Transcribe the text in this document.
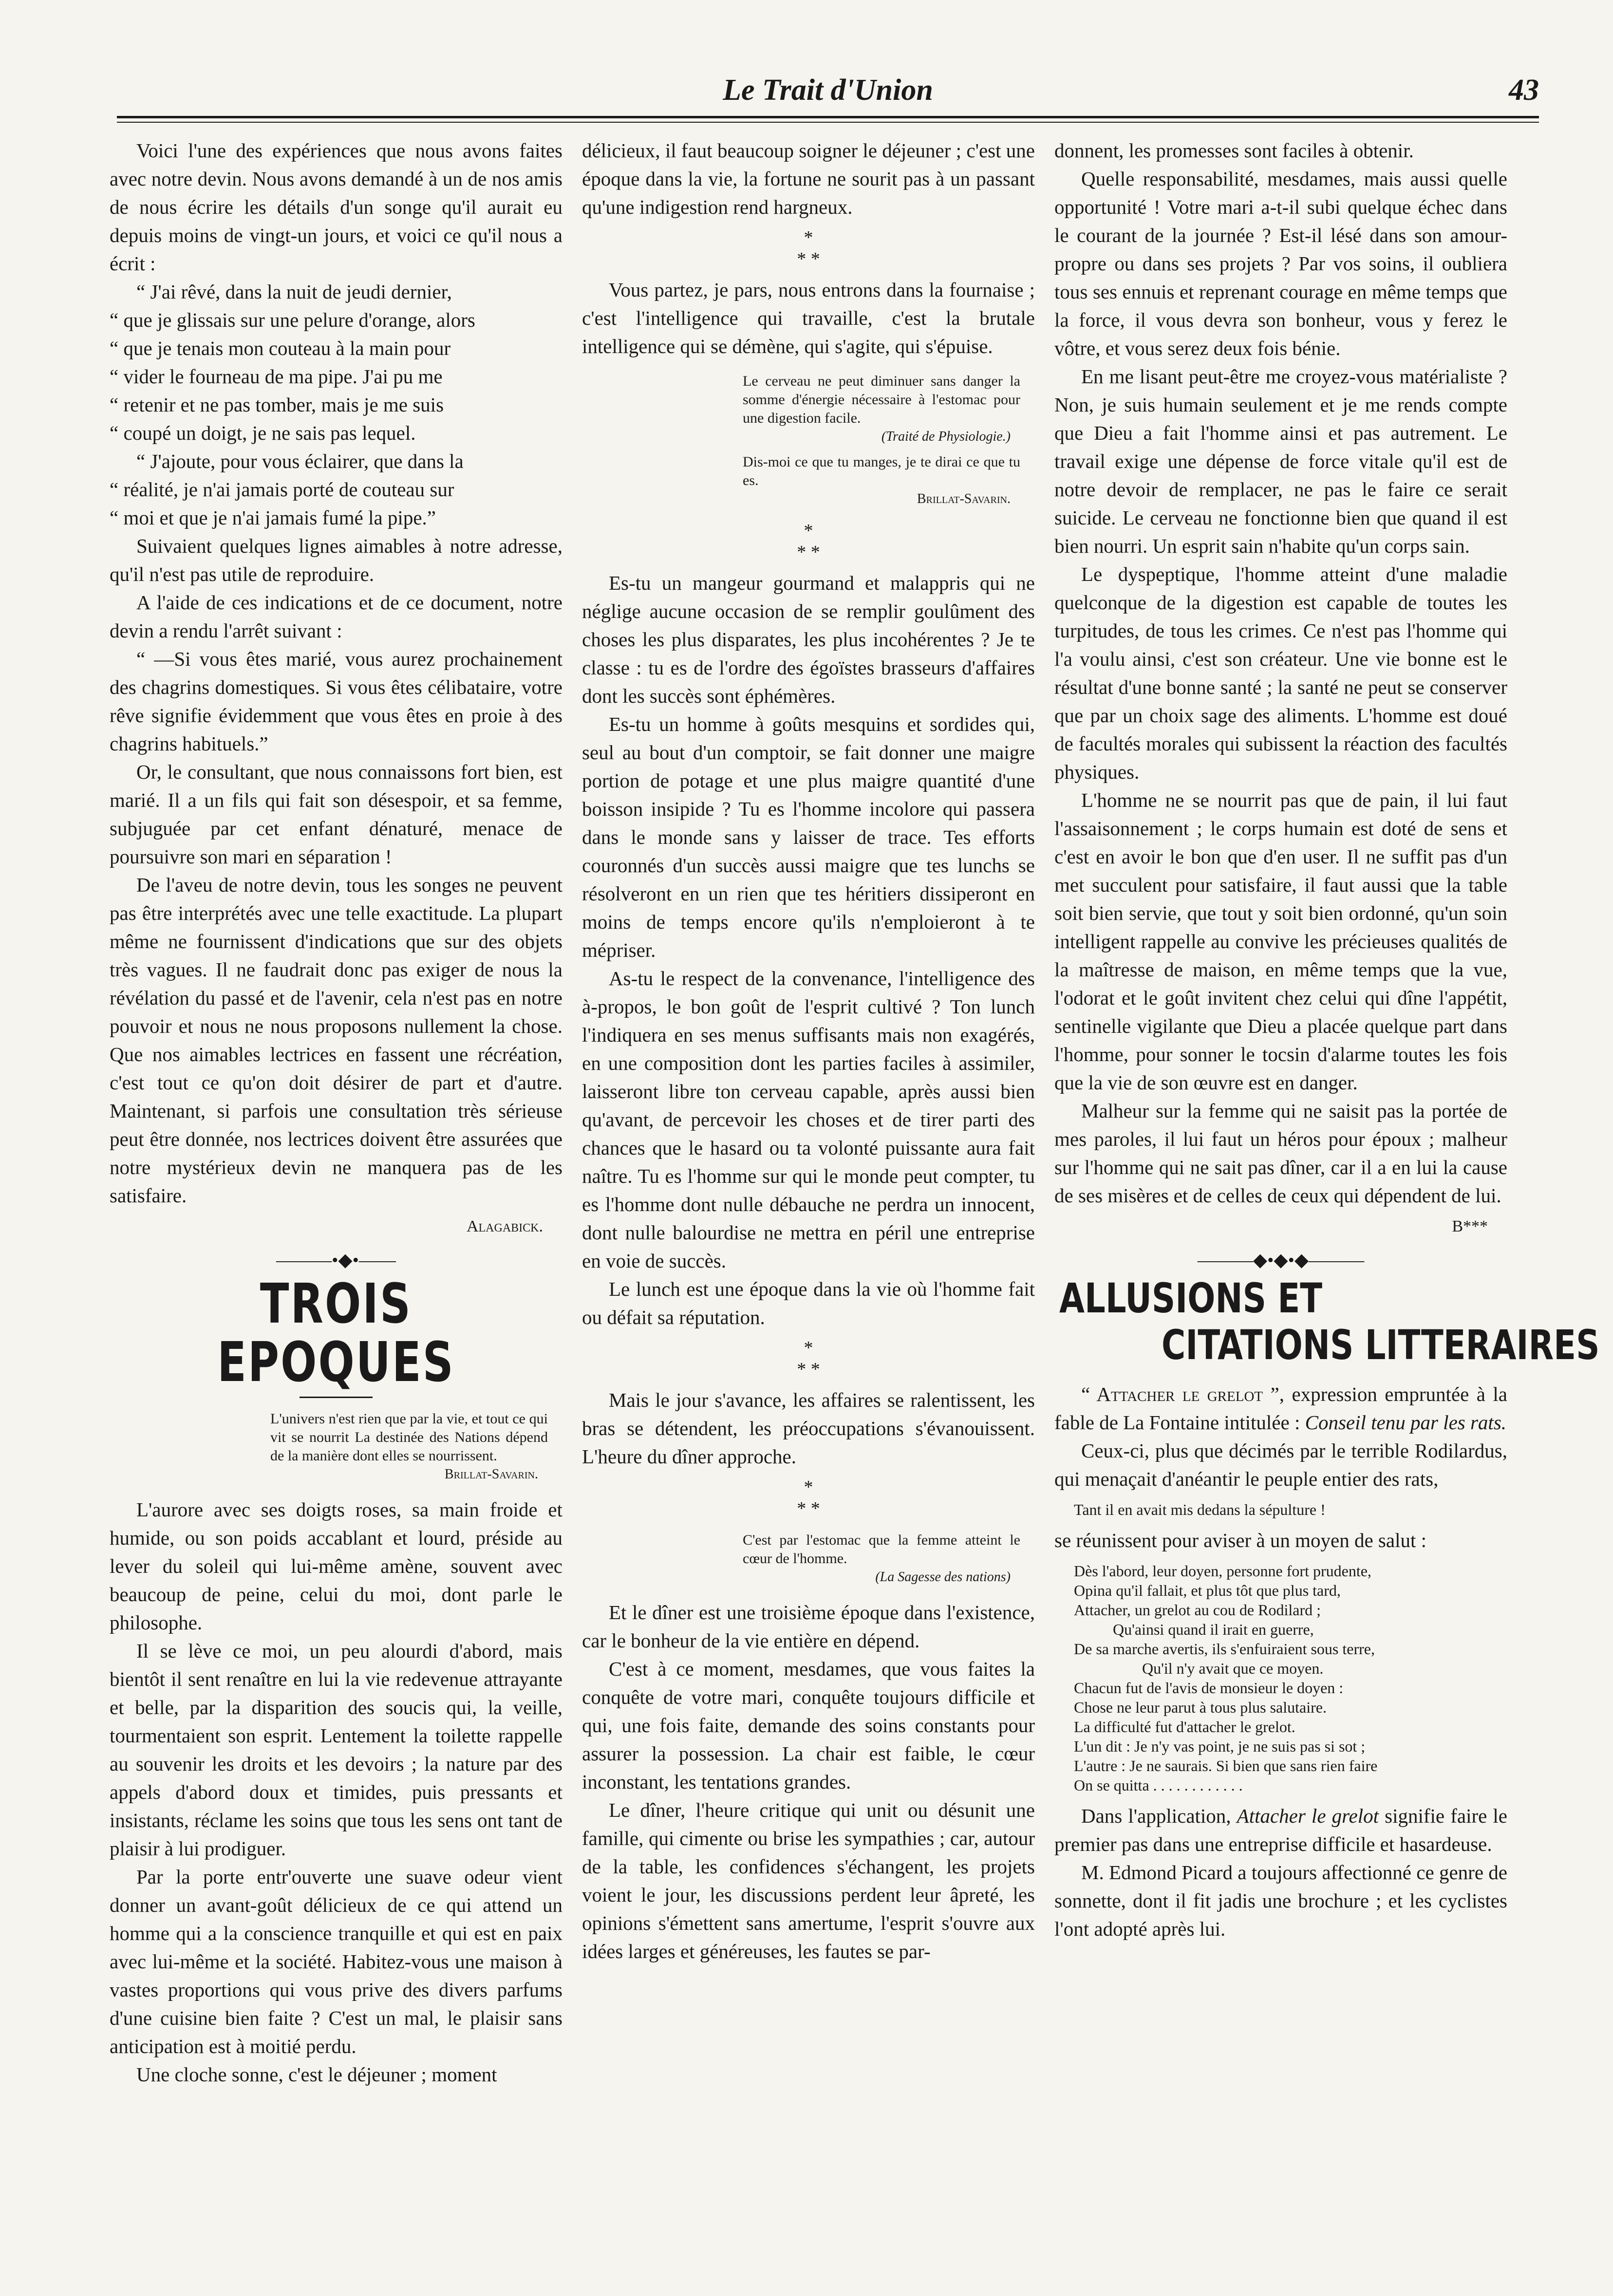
Le Trait d'Union	43

Voici l'une des expériences que nous avons faites avec notre devin. Nous avons demandé à un de nos amis de nous écrire les détails d'un songe qu'il aurait eu depuis moins de vingt-un jours, et voici ce qu'il nous a écrit :

“ J'ai rêvé, dans la nuit de jeudi dernier,
“ que je glissais sur une pelure d'orange, alors
“ que je tenais mon couteau à la main pour
“ vider le fourneau de ma pipe. J'ai pu me
“ retenir et ne pas tomber, mais je me suis
“ coupé un doigt, je ne sais pas lequel.
“ J'ajoute, pour vous éclairer, que dans la
“ réalité, je n'ai jamais porté de couteau sur
“ moi et que je n'ai jamais fumé la pipe.”

Suivaient quelques lignes aimables à notre adresse, qu'il n'est pas utile de reproduire.

A l'aide de ces indications et de ce document, notre devin a rendu l'arrêt suivant :

“ —Si vous êtes marié, vous aurez prochainement des chagrins domestiques. Si vous êtes célibataire, votre rêve signifie évidemment que vous êtes en proie à des chagrins habituels.”

Or, le consultant, que nous connaissons fort bien, est marié. Il a un fils qui fait son désespoir, et sa femme, subjuguée par cet enfant dénaturé, menace de poursuivre son mari en séparation !

De l'aveu de notre devin, tous les songes ne peuvent pas être interprétés avec une telle exactitude. La plupart même ne fournissent d'indications que sur des objets très vagues. Il ne faudrait donc pas exiger de nous la révélation du passé et de l'avenir, cela n'est pas en notre pouvoir et nous ne nous proposons nullement la chose. Que nos aimables lectrices en fassent une récréation, c'est tout ce qu'on doit désirer de part et d'autre. Maintenant, si parfois une consultation très sérieuse peut être donnée, nos lectrices doivent être assurées que notre mystérieux devin ne manquera pas de les satisfaire.

Alagabick.
———•◆•——
TROIS EPOQUES
L'univers n'est rien que par la vie, et tout ce qui vit se nourrit La destinée des Nations dépend de la manière dont elles se nourrissent.
Brillat-Savarin.

L'aurore avec ses doigts roses, sa main froide et humide, ou son poids accablant et lourd, préside au lever du soleil qui lui-même amène, souvent avec beaucoup de peine, celui du moi, dont parle le philosophe.

Il se lève ce moi, un peu alourdi d'abord, mais bientôt il sent renaître en lui la vie redevenue attrayante et belle, par la disparition des soucis qui, la veille, tourmentaient son esprit. Lentement la toilette rappelle au souvenir les droits et les devoirs ; la nature par des appels d'abord doux et timides, puis pressants et insistants, réclame les soins que tous les sens ont tant de plaisir à lui prodiguer.

Par la porte entr'ouverte une suave odeur vient donner un avant-goût délicieux de ce qui attend un homme qui a la conscience tranquille et qui est en paix avec lui-même et la société. Habitez-vous une maison à vastes proportions qui vous prive des divers parfums d'une cuisine bien faite ? C'est un mal, le plaisir sans anticipation est à moitié perdu.

Une cloche sonne, c'est le déjeuner ; moment

délicieux, il faut beaucoup soigner le déjeuner ; c'est une époque dans la vie, la fortune ne sourit pas à un passant qu'une indigestion rend hargneux.

*
* *

Vous partez, je pars, nous entrons dans la fournaise ; c'est l'intelligence qui travaille, c'est la brutale intelligence qui se démène, qui s'agite, qui s'épuise.

Le cerveau ne peut diminuer sans danger la somme d'énergie nécessaire à l'estomac pour une digestion facile.
(Traité de Physiologie.)
Dis-moi ce que tu manges, je te dirai ce que tu es.
Brillat-Savarin.
*
* *

Es-tu un mangeur gourmand et malappris qui ne néglige aucune occasion de se remplir goulûment des choses les plus disparates, les plus incohérentes ? Je te classe : tu es de l'ordre des égoïstes brasseurs d'affaires dont les succès sont éphémères.

Es-tu un homme à goûts mesquins et sordides qui, seul au bout d'un comptoir, se fait donner une maigre portion de potage et une plus maigre quantité d'une boisson insipide ? Tu es l'homme incolore qui passera dans le monde sans y laisser de trace. Tes efforts couronnés d'un succès aussi maigre que tes lunchs se résolveront en un rien que tes héritiers dissiperont en moins de temps encore qu'ils n'emploieront à te mépriser.

As-tu le respect de la convenance, l'intelligence des à-propos, le bon goût de l'esprit cultivé ? Ton lunch l'indiquera en ses menus suffisants mais non exagérés, en une composition dont les parties faciles à assimiler, laisseront libre ton cerveau capable, après aussi bien qu'avant, de percevoir les choses et de tirer parti des chances que le hasard ou ta volonté puissante aura fait naître. Tu es l'homme sur qui le monde peut compter, tu es l'homme dont nulle débauche ne perdra un innocent, dont nulle balourdise ne mettra en péril une entreprise en voie de succès.

Le lunch est une époque dans la vie où l'homme fait ou défait sa réputation.

*
* *

Mais le jour s'avance, les affaires se ralentissent, les bras se détendent, les préoccupations s'évanouissent. L'heure du dîner approche.

*
* *
C'est par l'estomac que la femme atteint le cœur de l'homme.
(La Sagesse des nations)

Et le dîner est une troisième époque dans l'existence, car le bonheur de la vie entière en dépend.

C'est à ce moment, mesdames, que vous faites la conquête de votre mari, conquête toujours difficile et qui, une fois faite, demande des soins constants pour assurer la possession. La chair est faible, le cœur inconstant, les tentations grandes.

Le dîner, l'heure critique qui unit ou désunit une famille, qui cimente ou brise les sympathies ; car, autour de la table, les confidences s'échangent, les projets voient le jour, les discussions perdent leur âpreté, les opinions s'émettent sans amertume, l'esprit s'ouvre aux idées larges et généreuses, les fautes se par-

donnent, les promesses sont faciles à obtenir.

Quelle responsabilité, mesdames, mais aussi quelle opportunité ! Votre mari a-t-il subi quelque échec dans le courant de la journée ? Est-il lésé dans son amour-propre ou dans ses projets ? Par vos soins, il oubliera tous ses ennuis et reprenant courage en même temps que la force, il vous devra son bonheur, vous y ferez le vôtre, et vous serez deux fois bénie.

En me lisant peut-être me croyez-vous matérialiste ? Non, je suis humain seulement et je me rends compte que Dieu a fait l'homme ainsi et pas autrement. Le travail exige une dépense de force vitale qu'il est de notre devoir de remplacer, ne pas le faire ce serait suicide. Le cerveau ne fonctionne bien que quand il est bien nourri. Un esprit sain n'habite qu'un corps sain.

Le dyspeptique, l'homme atteint d'une maladie quelconque de la digestion est capable de toutes les turpitudes, de tous les crimes. Ce n'est pas l'homme qui l'a voulu ainsi, c'est son créateur. Une vie bonne est le résultat d'une bonne santé ; la santé ne peut se conserver que par un choix sage des aliments. L'homme est doué de facultés morales qui subissent la réaction des facultés physiques.

L'homme ne se nourrit pas que de pain, il lui faut l'assaisonnement ; le corps humain est doté de sens et c'est en avoir le bon que d'en user. Il ne suffit pas d'un met succulent pour satisfaire, il faut aussi que la table soit bien servie, que tout y soit bien ordonné, qu'un soin intelligent rappelle au convive les précieuses qualités de la maîtresse de maison, en même temps que la vue, l'odorat et le goût invitent chez celui qui dîne l'appétit, sentinelle vigilante que Dieu a placée quelque part dans l'homme, pour sonner le tocsin d'alarme toutes les fois que la vie de son œuvre est en danger.

Malheur sur la femme qui ne saisit pas la portée de mes paroles, il lui faut un héros pour époux ; malheur sur l'homme qui ne sait pas dîner, car il a en lui la cause de ses misères et de celles de ceux qui dépendent de lui.

B***
———◆•◆•◆———
ALLUSIONS ET
CITATIONS LITTERAIRES

“ Attacher le grelot ”, expression empruntée à la fable de La Fontaine intitulée : Conseil tenu par les rats.

Ceux-ci, plus que décimés par le terrible Rodilardus, qui menaçait d'anéantir le peuple entier des rats,

Tant il en avait mis dedans la sépulture !

se réunissent pour aviser à un moyen de salut :

Dès l'abord, leur doyen, personne fort prudente,
Opina qu'il fallait, et plus tôt que plus tard,
Attacher, un grelot au cou de Rodilard ;
Qu'ainsi quand il irait en guerre,
De sa marche avertis, ils s'enfuiraient sous terre,
Qu'il n'y avait que ce moyen.
Chacun fut de l'avis de monsieur le doyen :
Chose ne leur parut à tous plus salutaire.
La difficulté fut d'attacher le grelot.
L'un dit : Je n'y vas point, je ne suis pas si sot ;
L'autre : Je ne saurais. Si bien que sans rien faire
On se quitta . . . . . . . . . . . .

Dans l'application, Attacher le grelot signifie faire le premier pas dans une entreprise difficile et hasardeuse.

M. Edmond Picard a toujours affectionné ce genre de sonnette, dont il fit jadis une brochure ; et les cyclistes l'ont adopté après lui.
